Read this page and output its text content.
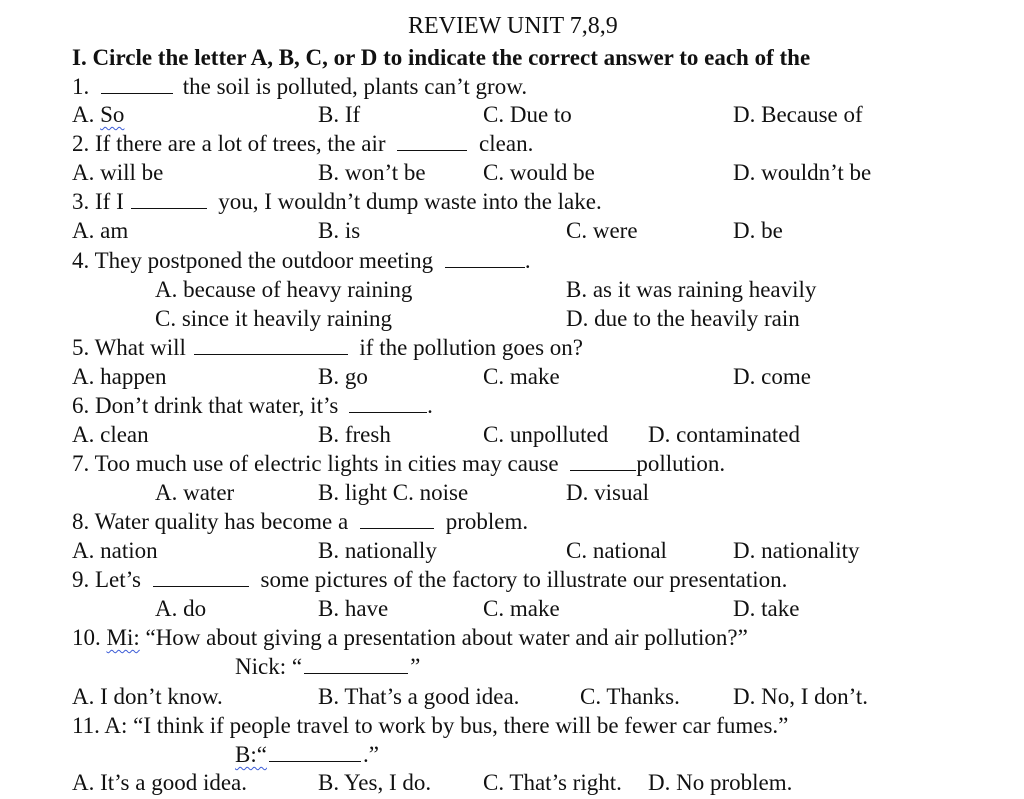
REVIEW UNIT 7,8,9
I. Circle the letter A, B, C, or D to indicate the correct answer to each of the
1.	the soil is polluted, plants can’t grow.
A. So	B. If	C. Due to	D. Because of
2. If there are a lot of trees, the air	clean.
A. will be	B. won’t be C. would be	D. wouldn’t be
3. If I	you, I wouldn’t dump waste into the lake.
A. am	B. is	C. were	D. be
4. They postponed the outdoor meeting	.
A. because of heavy raining	B. as it was raining heavily
C. since it heavily raining	D. due to the heavily rain
5. What will	if the pollution goes on?
A. happen	B. go	C. make	D. come
6. Don’t drink that water, it’s	.
A. clean	B. fresh	C. unpolluted D. contaminated
7. Too much use of electric lights in cities may cause	pollution.
A. water	B. light C. noise	D. visual
8. Water quality has become a	problem.
A. nation	B. nationally	C. national	D. nationality
9. Let’s	some pictures of the factory to illustrate our presentation.
A. do	B. have	C. make	D. take
10. Mi: “How about giving a presentation about water and air pollution?”
Nick: “	”
A. I don’t know.	B. That’s a good idea.	C. Thanks. D. No, I don’t.
11. A: “I think if people travel to work by bus, there will be fewer car fumes.”
B:“	.”
A. It’s a good idea.	B. Yes, I do. C. That’s right. D. No problem.
